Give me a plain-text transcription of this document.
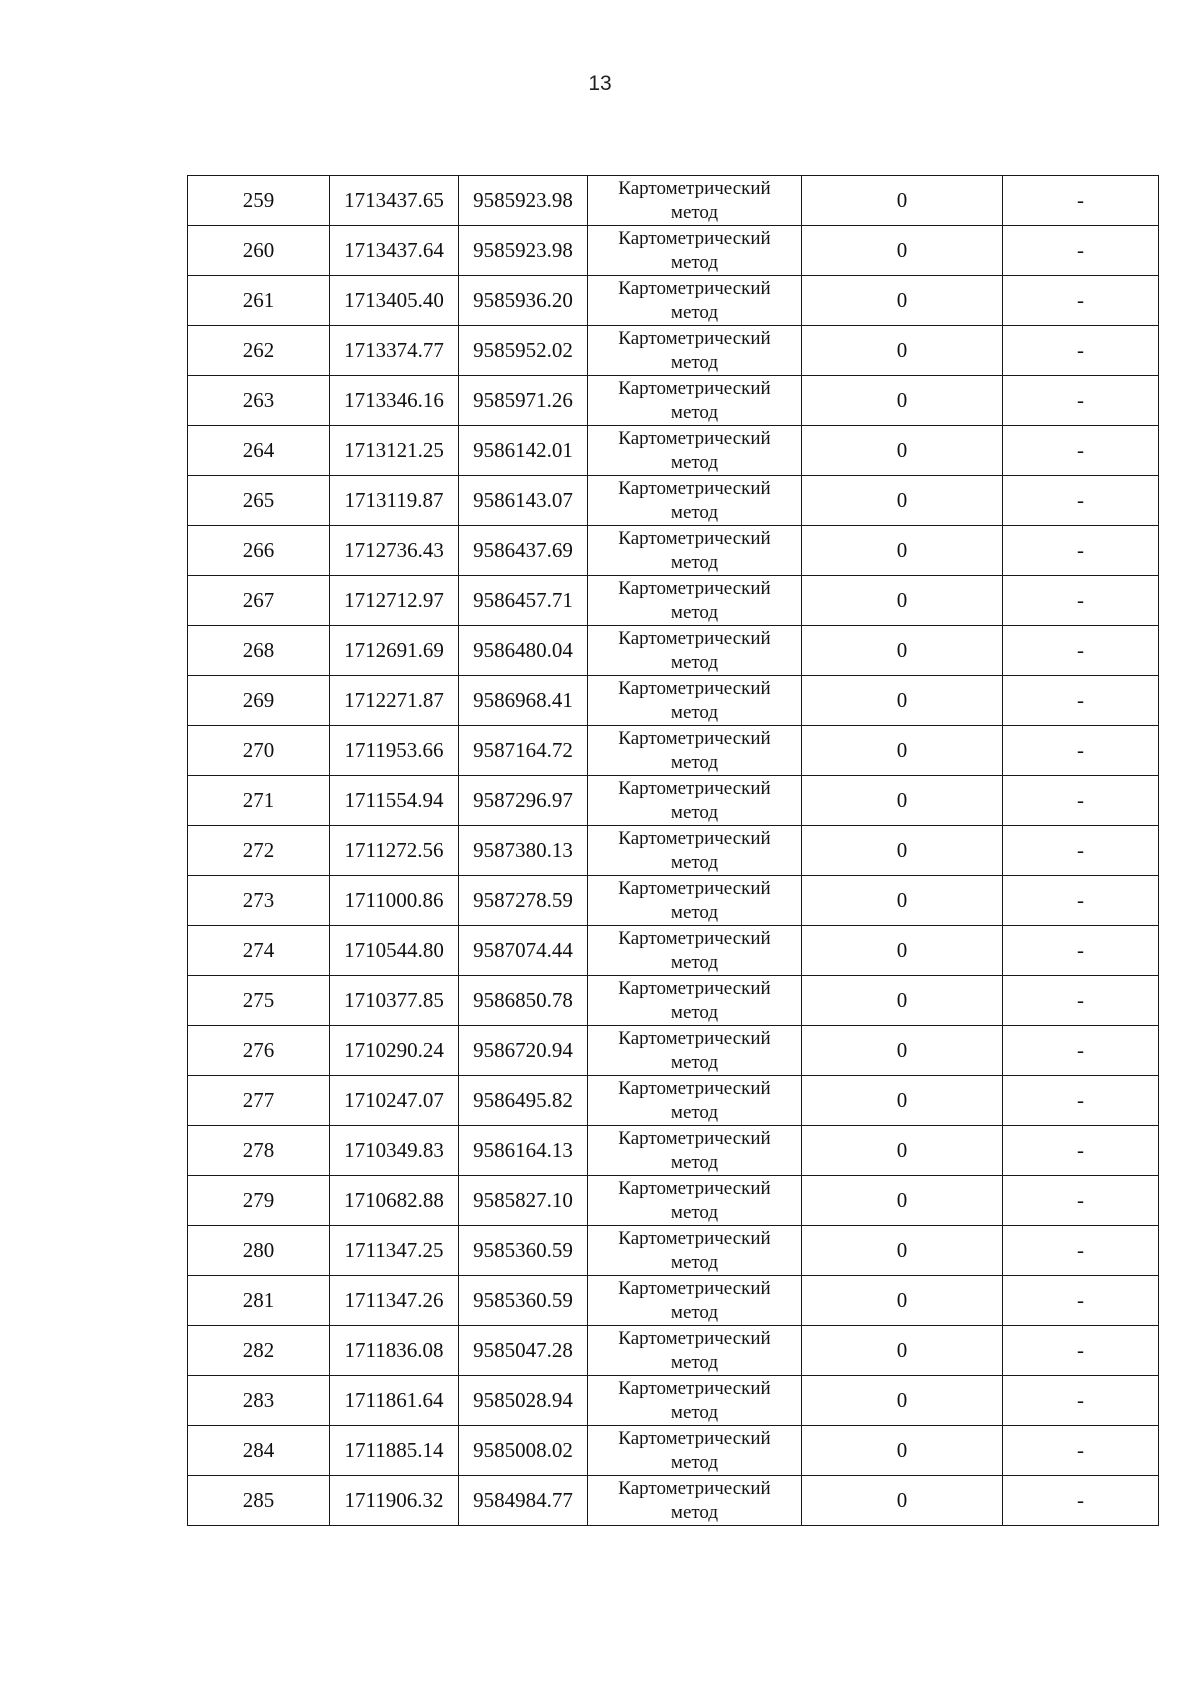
13
259	1713437.65	9585923.98	Картометрический
метод	0	-
260	1713437.64	9585923.98	Картометрический
метод	0	-
261	1713405.40	9585936.20	Картометрический
метод	0	-
262	1713374.77	9585952.02	Картометрический
метод	0	-
263	1713346.16	9585971.26	Картометрический
метод	0	-
264	1713121.25	9586142.01	Картометрический
метод	0	-
265	1713119.87	9586143.07	Картометрический
метод	0	-
266	1712736.43	9586437.69	Картометрический
метод	0	-
267	1712712.97	9586457.71	Картометрический
метод	0	-
268	1712691.69	9586480.04	Картометрический
метод	0	-
269	1712271.87	9586968.41	Картометрический
метод	0	-
270	1711953.66	9587164.72	Картометрический
метод	0	-
271	1711554.94	9587296.97	Картометрический
метод	0	-
272	1711272.56	9587380.13	Картометрический
метод	0	-
273	1711000.86	9587278.59	Картометрический
метод	0	-
274	1710544.80	9587074.44	Картометрический
метод	0	-
275	1710377.85	9586850.78	Картометрический
метод	0	-
276	1710290.24	9586720.94	Картометрический
метод	0	-
277	1710247.07	9586495.82	Картометрический
метод	0	-
278	1710349.83	9586164.13	Картометрический
метод	0	-
279	1710682.88	9585827.10	Картометрический
метод	0	-
280	1711347.25	9585360.59	Картометрический
метод	0	-
281	1711347.26	9585360.59	Картометрический
метод	0	-
282	1711836.08	9585047.28	Картометрический
метод	0	-
283	1711861.64	9585028.94	Картометрический
метод	0	-
284	1711885.14	9585008.02	Картометрический
метод	0	-
285	1711906.32	9584984.77	Картометрический
метод	0	-
